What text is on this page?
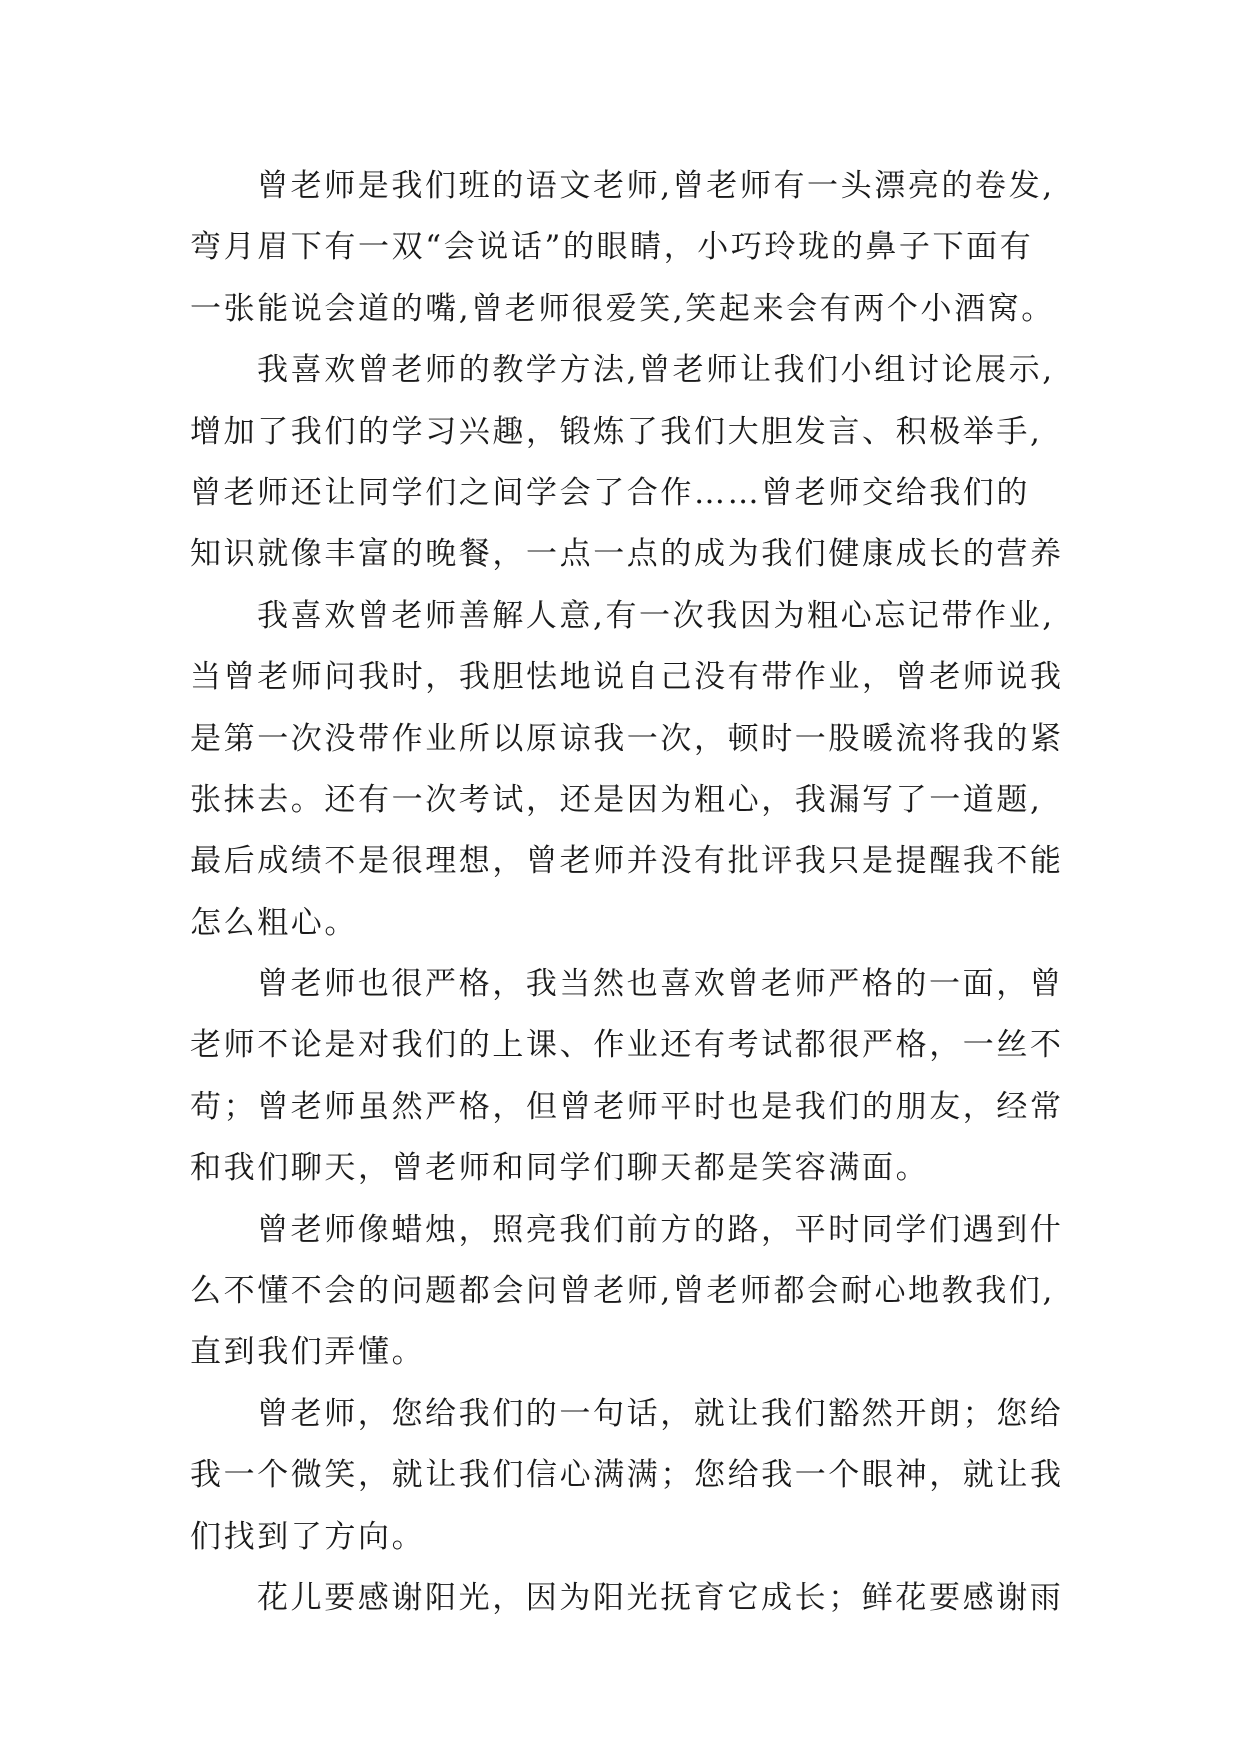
曾老师是我们班的语文老师,曾老师有一头漂亮的卷发,
弯月眉下有一双“会说话”的眼睛，小巧玲珑的鼻子下面有
一张能说会道的嘴,曾老师很爱笑,笑起来会有两个小酒窝。
我喜欢曾老师的教学方法,曾老师让我们小组讨论展示,
增加了我们的学习兴趣，锻炼了我们大胆发言、积极举手,
曾老师还让同学们之间学会了合作……曾老师交给我们的
知识就像丰富的晚餐，一点一点的成为我们健康成长的营养
我喜欢曾老师善解人意,有一次我因为粗心忘记带作业,
当曾老师问我时，我胆怯地说自己没有带作业，曾老师说我
是第一次没带作业所以原谅我一次，顿时一股暖流将我的紧
张抹去。还有一次考试，还是因为粗心，我漏写了一道题,
最后成绩不是很理想，曾老师并没有批评我只是提醒我不能
怎么粗心。
曾老师也很严格，我当然也喜欢曾老师严格的一面，曾
老师不论是对我们的上课、作业还有考试都很严格，一丝不
苟；曾老师虽然严格，但曾老师平时也是我们的朋友，经常
和我们聊天，曾老师和同学们聊天都是笑容满面。
曾老师像蜡烛，照亮我们前方的路，平时同学们遇到什
么不懂不会的问题都会问曾老师,曾老师都会耐心地教我们,
直到我们弄懂。
曾老师，您给我们的一句话，就让我们豁然开朗；您给
我一个微笑，就让我们信心满满；您给我一个眼神，就让我
们找到了方向。
花儿要感谢阳光，因为阳光抚育它成长；鲜花要感谢雨
